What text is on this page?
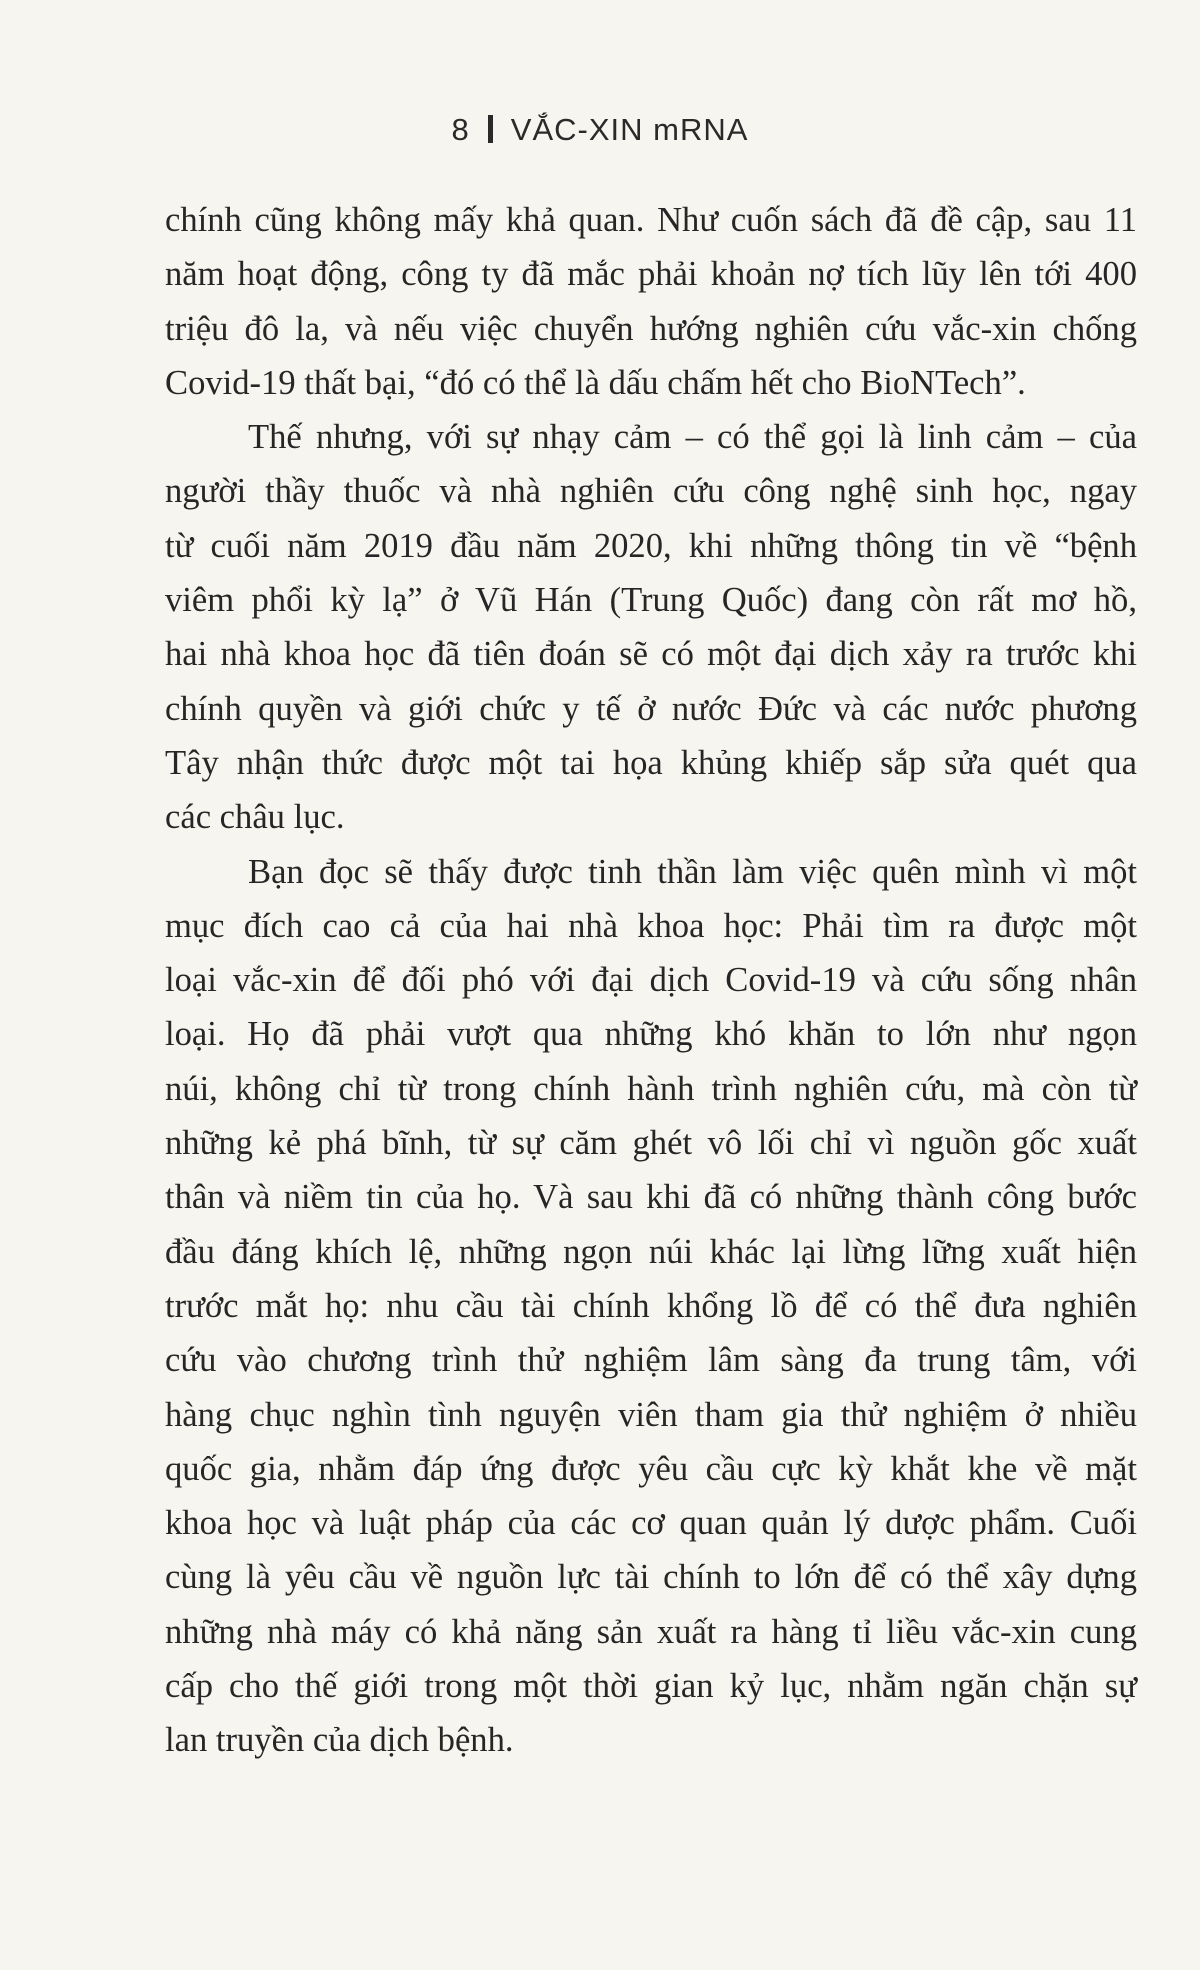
8 VẮC-XIN mRNA
chính cũng không mấy khả quan. Như cuốn sách đã đề cập, sau 11
năm hoạt động, công ty đã mắc phải khoản nợ tích lũy lên tới 400
triệu đô la, và nếu việc chuyển hướng nghiên cứu vắc-xin chống
Covid-19 thất bại, “đó có thể là dấu chấm hết cho BioNTech”.
Thế nhưng, với sự nhạy cảm – có thể gọi là linh cảm – của
người thầy thuốc và nhà nghiên cứu công nghệ sinh học, ngay
từ cuối năm 2019 đầu năm 2020, khi những thông tin về “bệnh
viêm phổi kỳ lạ” ở Vũ Hán (Trung Quốc) đang còn rất mơ hồ,
hai nhà khoa học đã tiên đoán sẽ có một đại dịch xảy ra trước khi
chính quyền và giới chức y tế ở nước Đức và các nước phương
Tây nhận thức được một tai họa khủng khiếp sắp sửa quét qua
các châu lục.
Bạn đọc sẽ thấy được tinh thần làm việc quên mình vì một
mục đích cao cả của hai nhà khoa học: Phải tìm ra được một
loại vắc-xin để đối phó với đại dịch Covid-19 và cứu sống nhân
loại. Họ đã phải vượt qua những khó khăn to lớn như ngọn
núi, không chỉ từ trong chính hành trình nghiên cứu, mà còn từ
những kẻ phá bĩnh, từ sự căm ghét vô lối chỉ vì nguồn gốc xuất
thân và niềm tin của họ. Và sau khi đã có những thành công bước
đầu đáng khích lệ, những ngọn núi khác lại lừng lững xuất hiện
trước mắt họ: nhu cầu tài chính khổng lồ để có thể đưa nghiên
cứu vào chương trình thử nghiệm lâm sàng đa trung tâm, với
hàng chục nghìn tình nguyện viên tham gia thử nghiệm ở nhiều
quốc gia, nhằm đáp ứng được yêu cầu cực kỳ khắt khe về mặt
khoa học và luật pháp của các cơ quan quản lý dược phẩm. Cuối
cùng là yêu cầu về nguồn lực tài chính to lớn để có thể xây dựng
những nhà máy có khả năng sản xuất ra hàng tỉ liều vắc-xin cung
cấp cho thế giới trong một thời gian kỷ lục, nhằm ngăn chặn sự
lan truyền của dịch bệnh.
